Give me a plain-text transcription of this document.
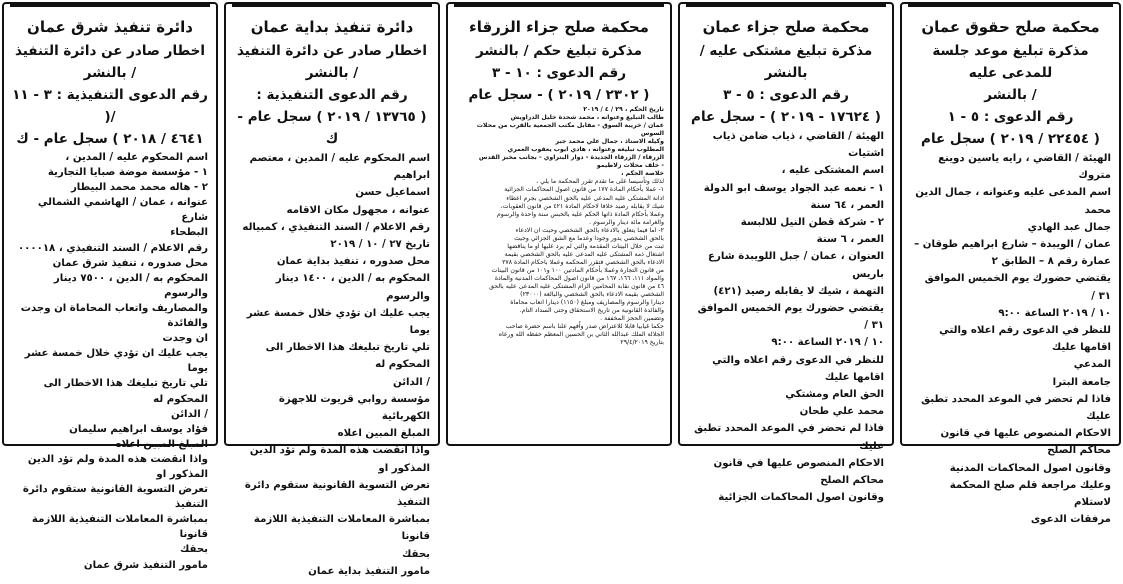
دائرة تنفيذ شرق عمان
اخطار صادر عن دائرة التنفيذ / بالنشر
رقم الدعوى التنفيذية : ٣ - ١١ /(
٤٦٤١ / ٢٠١٨ ) سجل عام - ك
اسم المحكوم عليه / المدين ،
١ - مؤسسة موضة صبايا التجارية
٢ - هاله محمد محمد البيطار
عنوانه ، عمان / الهاشمي الشمالي شارع
البطحاء
رقم الاعلام / السند التنفيذي ، ٠٠٠٠١٨
محل صدوره ، تنفيذ شرق عمان
المحكوم به / الدين ، ٧٥٠٠ دينار والرسوم
والمصاريف واتعاب المحاماة ان وجدت والفائدة
ان وجدت
يجب عليك ان تؤدي خلال خمسة عشر يوما
تلي تاريخ تبليغك هذا الاخطار الى المحكوم له
/ الدائن
فؤاد يوسف ابراهيم سليمان
المبلغ المبين اعلاه
واذا انقضت هذه المدة ولم تؤد الدين المذكور او
تعرض التسوية القانونية ستقوم دائرة التنفيذ
بمباشرة المعاملات التنفيذية اللازمة قانونا
بحقك
مامور التنفيذ شرق عمان
دائرة تنفيذ بداية عمان
اخطار صادر عن دائرة التنفيذ / بالنشر
رقم الدعوى التنفيذية :
( ١٣٧٦٥ / ٢٠١٩ ) سجل عام - ك
اسم المحكوم عليه / المدين ، معتصم ابراهيم
اسماعيل حسن
عنوانه ، مجهول مكان الاقامه
رقم الاعلام / السند التنفيذي ، كمبياله
تاريخ ٢٧ / ١٠ / ٢٠١٩
محل صدوره ، تنفيذ بداية عمان
المحكوم به / الدين ، ١٤٠٠ دينار والرسوم
يجب عليك ان تؤدي خلال خمسة عشر يوما
تلي تاريخ تبليغك هذا الاخطار الى المحكوم له
/ الدائن
مؤسسة روابي قريوت للاجهزة الكهربائية
المبلغ المبين اعلاه
واذا انقضت هذه المدة ولم تؤد الدين المذكور او
تعرض التسوية القانونية ستقوم دائرة التنفيذ
بمباشرة المعاملات التنفيذية اللازمة قانونا
بحقك
مامور التنفيذ بداية عمان
محكمة صلح جزاء الزرقاء
مذكرة تبليغ حكم / بالنشر
رقم الدعوى : ١٠ - ٣
( ٢٣٠٢ / ٢٠١٩ ) - سجل عام
تاريخ الحكم ، ٢٩ / ٤ / ٢٠١٩
طالب التبليغ وعنوانه ، محمد شحدة خليل الدراويش
عمان / خريبة السوق - مقابل مكتب الجمعية بالقرب من محلات
السوس
وكيله الاستاذ ، جمال علي محمد جبر
المطلوب تبليغه وعنوانه ، هادي ايوب يعقوب العمري
الزرقاء / الزرقاء الجديدة - دوار البتراوي - بجانب مخبز القدس
- خلف محلات زلاطيمو
خلاصة الحكم ،
لذلك وتأسيسا على ما تقدم تقرر المحكمة ما يلي ،
١- عملا بأحكام المادة ١٧٧ من قانون اصول المحاكمات الجزائية
ادانة المشتكى عليه المدعى عليه بالحق الشخصي بجرم اعطاء
شيك لا يقابله رصيد خلافا لاحكام المادة ٤٢١ من قانون العقوبات،
وعملا بأحكام المادة ذاتها الحكم عليه بالحبس سنة واحدة والرسوم
والغرامة مائة دينار والرسوم .
٢- اما فيما يتعلق بالادعاء بالحق الشخصي وحيث ان الادعاء
بالحق الشخصي يدور وجودا وعدما مع الشق الجزائي وحيث
ثبت من خلال البينات المقدمة والتي لم يرد عليها او ما يناقضها
اشتغال ذمة المشتكى عليه المدعى عليه بالحق الشخصي بقيمة
الادعاء بالحق الشخصي فتقرر المحكمة وعملا باحكام المادة ٢٧٨
من قانون التجارة وعملا بأحكام المادتين ١٠٠ و١٠١ من قانون البينات
والمواد ١١١، ١٦٦، ١٦٧ من قانون اصول المحاكمات المدنية والمادة
٤٦ من قانون نقابة المحامين الزام المشتكى عليه المدعى عليه بالحق
الشخصي بقيمة الادعاء بالحق الشخصي والبالغة (٢٣٠٠٠)
دينارا والرسوم والمصاريف ومبلغ (١١٥٠) دينارا اتعاب محاماة
والفائدة القانونية من تاريخ الاستحقاق وحتى السداد التام.
وتضمين الحجز المخففة .
حكما غيابيا قابلا للاعتراض صدر واُفهم علنا باسم حضرة صاحب
الجلالة الملك عبدالله الثاني بن الحسين المعظم حفظه الله ورعاه
بتاريخ ٢٩/٤/٢٠١٩
محكمة صلح جزاء عمان
مذكرة تبليغ مشتكى عليه / بالنشر
رقم الدعوى : ٥ - ٣
( ١٧٦٢٤ - ٢٠١٩ ) - سجل عام
الهيئة / القاضي ، ذياب ضامن ذياب اشتيات
اسم المشتكى عليه ،
١ - نعمه عبد الجواد يوسف ابو الدولة
العمر ، ٦٤ سنة
٢ - شركة قطن النيل للالبسة
العمر ، ٦ سنة
العنوان ، عمان / جبل اللويبدة شارع باريس
التهمة ، شيك لا يقابله رصيد (٤٢١)
يقتضي حضورك يوم الخميس الموافق ٣١ /
١٠ / ٢٠١٩ الساعة ٩:٠٠
للنظر في الدعوى رقم اعلاه والتي اقامها عليك
الحق العام ومشتكي
محمد علي طحان
فاذا لم تحضر في الموعد المحدد تطبق عليك
الاحكام المنصوص عليها في قانون محاكم الصلح
وقانون اصول المحاكمات الجزائية
محكمة صلح حقوق عمان
مذكرة تبليغ موعد جلسة للمدعى عليه
/ بالنشر
رقم الدعوى : ٥ - ١
( ٢٢٤٥٤ / ٢٠١٩ ) سجل عام
الهيئة / القاضي ، رايه ياسين دوينع متروك
اسم المدعى عليه وعنوانه ، جمال الدين محمد
جمال عبد الهادي
عمان / الويبدة – شارع ابراهيم طوقان –
عمارة رقم ٨ – الطابق ٢
يقتضي حضورك يوم الخميس الموافق ٣١ /
١٠ / ٢٠١٩ الساعة ٩:٠٠
للنظر في الدعوى رقم اعلاه والتي اقامها عليك
المدعي
جامعة البترا
فاذا لم تحضر في الموعد المحدد تطبق عليك
الاحكام المنصوص عليها في قانون محاكم الصلح
وقانون اصول المحاكمات المدنية
وعليك مراجعة قلم صلح المحكمة لاستلام
مرفقات الدعوى
